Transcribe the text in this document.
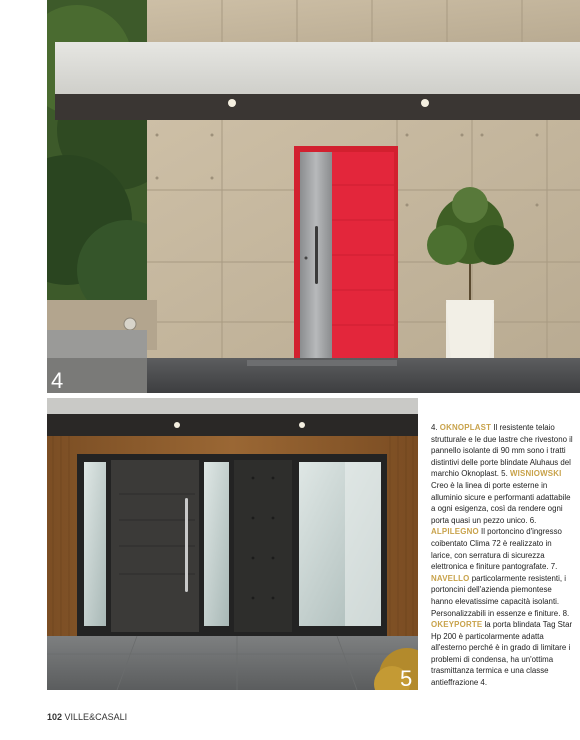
4
5

4. OKNOPLAST Il resistente telaio strutturale e le due lastre che rivestono il pannello isolante di 90 mm sono i tratti distintivi delle porte blindate Aluhaus del marchio Oknoplast. 5. WISNIOWSKI Creo è la linea di porte esterne in alluminio sicure e performanti adattabile a ogni esigenza, così da rendere ogni porta quasi un pezzo unico. 6. ALPILEGNO Il portoncino d'ingresso coibentato Clima 72 è realizzato in larice, con serratura di sicurezza elettronica e finiture pantografate. 7. NAVELLO particolarmente resistenti, i portoncini dell'azienda piemontese hanno elevatissime capacità isolanti. Personalizzabili in essenze e finiture. 8. OKEYPORTE la porta blindata Tag Star Hp 200 è particolarmente adatta all'esterno perché è in grado di limitare i problemi di condensa, ha un'ottima trasmittanza termica e una classe antieffrazione 4.

102 VILLE&CASALI
